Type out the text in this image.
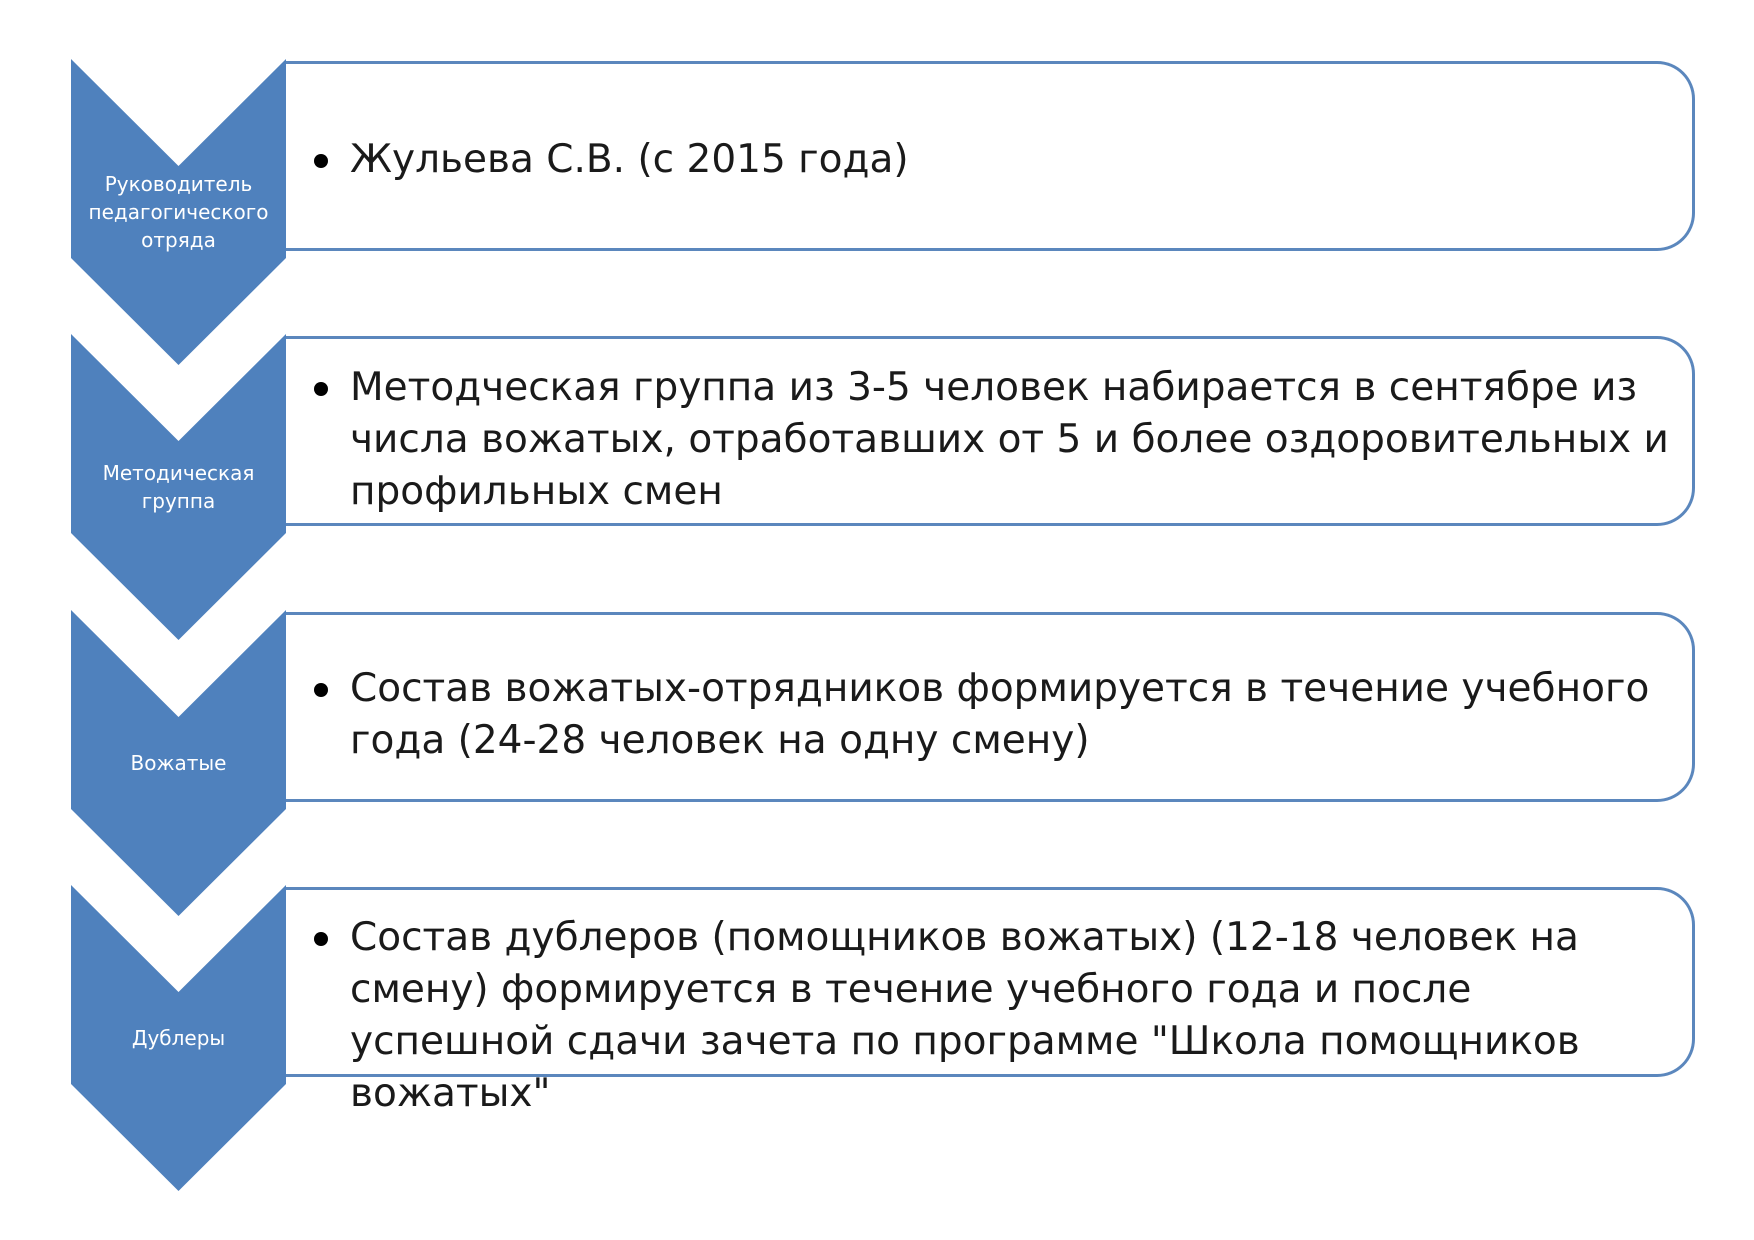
Руководитель педагогического отряда
Жульева С.В. (с 2015 года)
Методическая группа
Методческая группа из 3-5 человек набирается в сентябре из числа вожатых, отработавших от 5 и более оздоровительных и профильных смен
Вожатые
Состав вожатых-отрядников формируется в течение учебного года (24-28 человек на одну смену)
Дублеры
Состав дублеров (помощников вожатых) (12-18 человек на смену) формируется в течение учебного года и после успешной сдачи зачета по программе "Школа помощников вожатых"
